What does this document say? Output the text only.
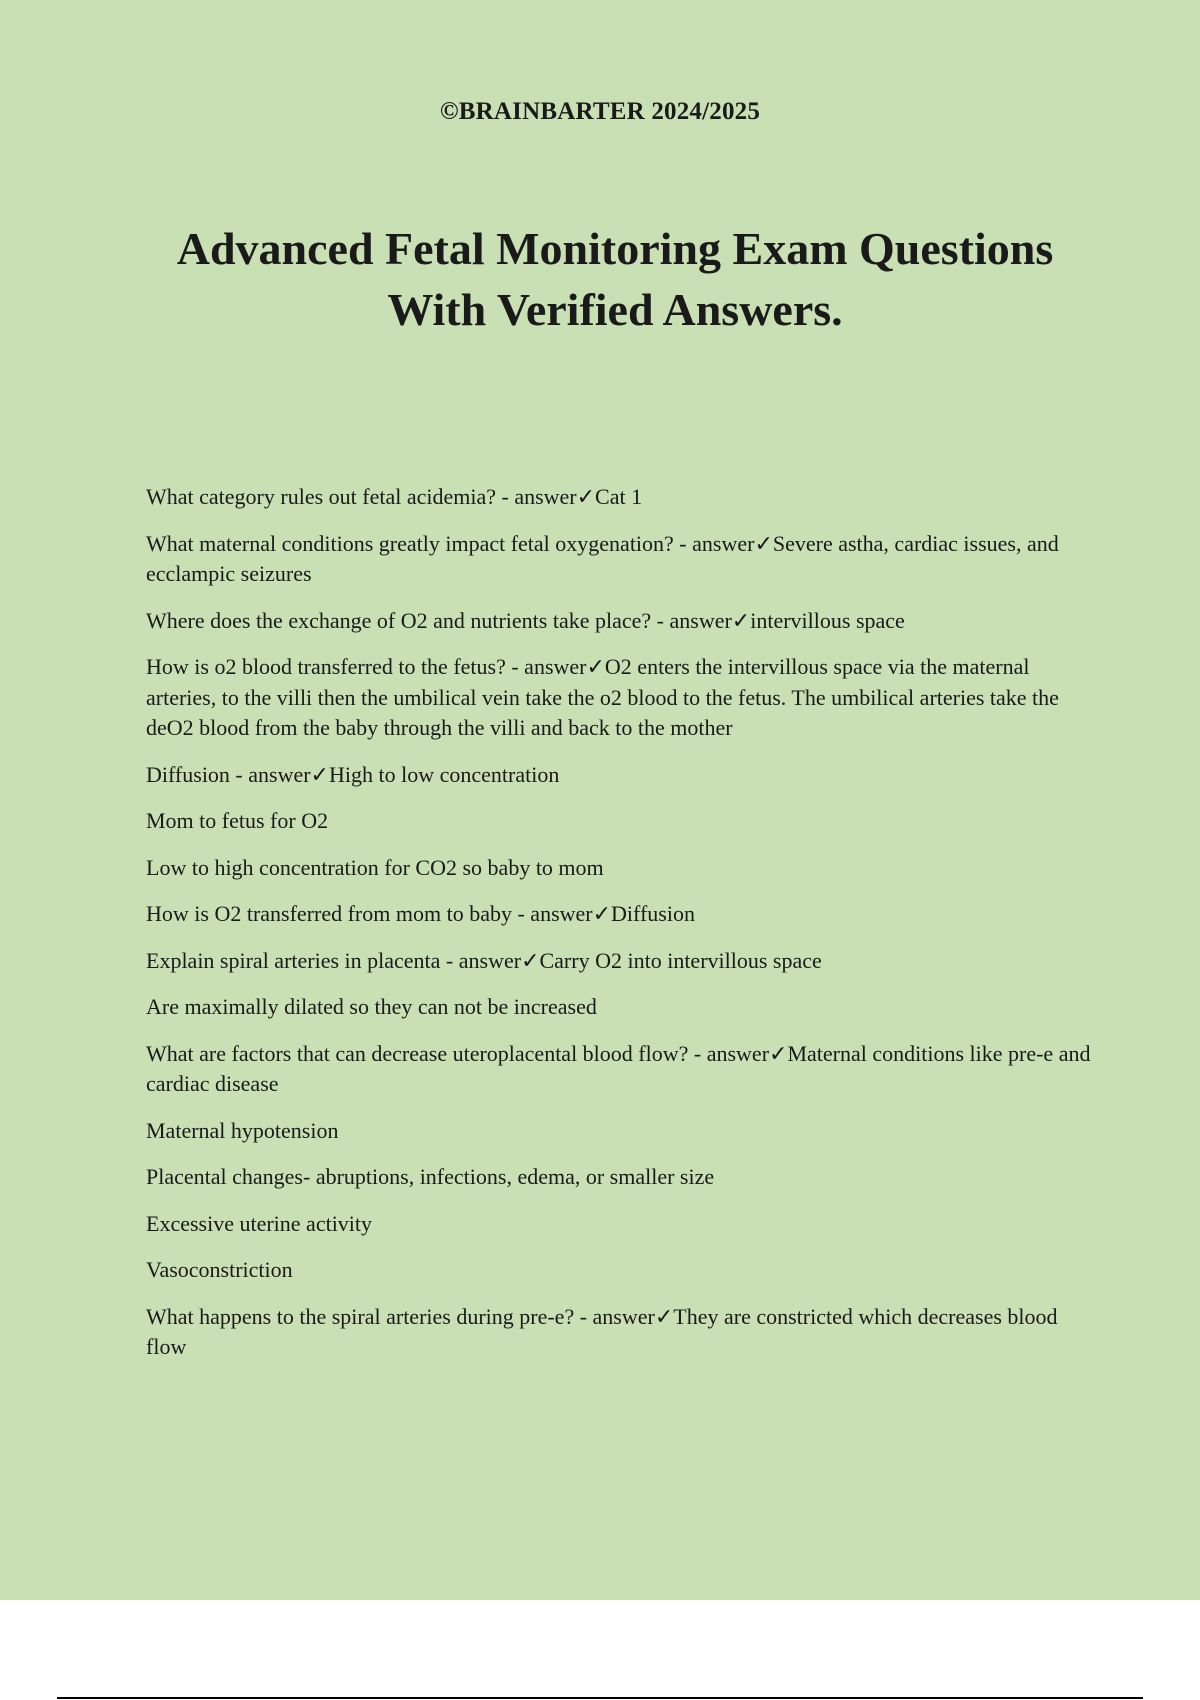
©BRAINBARTER 2024/2025
Advanced Fetal Monitoring Exam Questions
With Verified Answers.
What category rules out fetal acidemia? - answer✓Cat 1
What maternal conditions greatly impact fetal oxygenation? - answer✓Severe astha, cardiac issues, and ecclampic seizures
Where does the exchange of O2 and nutrients take place? - answer✓intervillous space
How is o2 blood transferred to the fetus? - answer✓O2 enters the intervillous space via the maternal arteries, to the villi then the umbilical vein take the o2 blood to the fetus. The umbilical arteries take the deO2 blood from the baby through the villi and back to the mother
Diffusion - answer✓High to low concentration
Mom to fetus for O2
Low to high concentration for CO2 so baby to mom
How is O2 transferred from mom to baby - answer✓Diffusion
Explain spiral arteries in placenta - answer✓Carry O2 into intervillous space
Are maximally dilated so they can not be increased
What are factors that can decrease uteroplacental blood flow? - answer✓Maternal conditions like pre-e and cardiac disease
Maternal hypotension
Placental changes- abruptions, infections, edema, or smaller size
Excessive uterine activity
Vasoconstriction
What happens to the spiral arteries during pre-e? - answer✓They are constricted which decreases blood flow
